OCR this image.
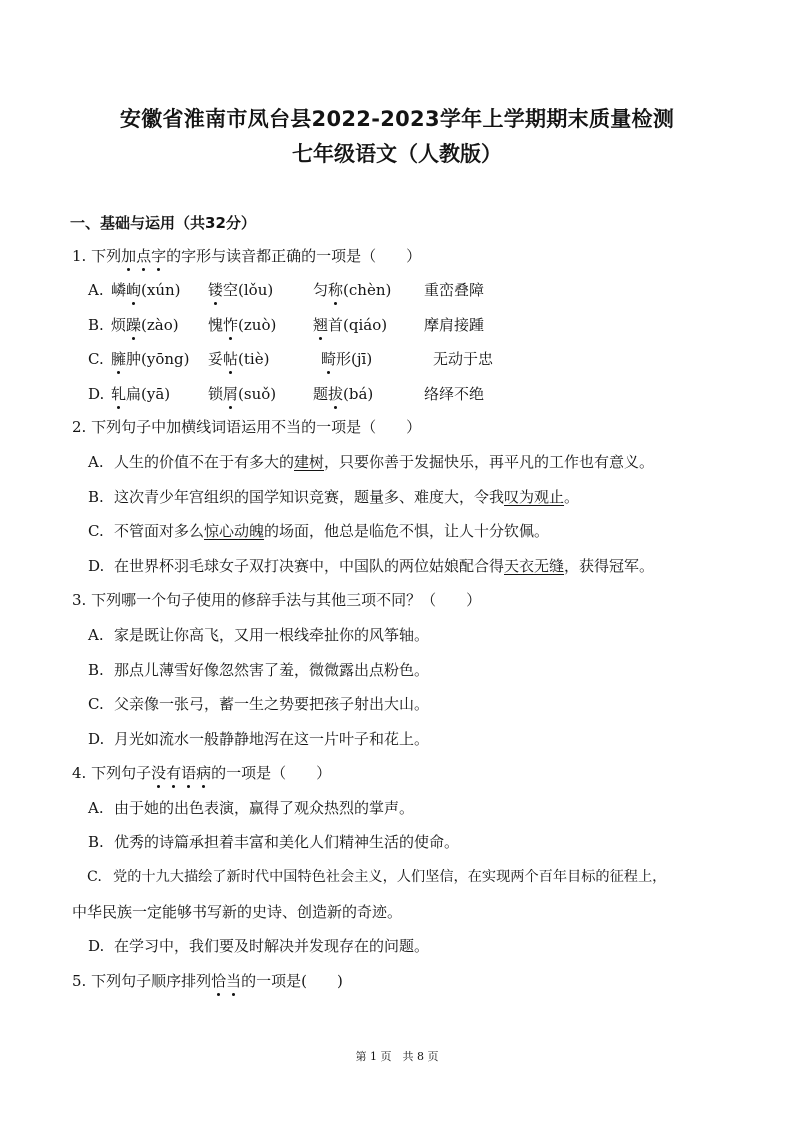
安徽省淮南市凤台县2022-2023学年上学期期末质量检测
七年级语文（人教版）
一、基础与运用（共32分）
1. 下列加点字的字形与读音都正确的一项是（　　）
A. 嶙峋(xún) 镂空(lǒu)	匀称(chèn) 重峦叠障
B. 烦躁(zào) 愧怍(zuò) 翘首(qiáo) 摩肩接踵
C. 臃肿(yōng) 妥帖(tiè)	畸形(jī)	无动于忠
D. 轧扁(yā)	锁屑(suǒ) 题拔(bá)	络绎不绝
2. 下列句子中加横线词语运用不当的一项是（　　）
A. 人生的价值不在于有多大的建树，只要你善于发掘快乐，再平凡的工作也有意义。
B. 这次青少年宫组织的国学知识竞赛，题量多、难度大，令我叹为观止。
C. 不管面对多么惊心动魄的场面，他总是临危不惧，让人十分钦佩。
D. 在世界杯羽毛球女子双打决赛中，中国队的两位姑娘配合得天衣无缝，获得冠军。
3. 下列哪一个句子使用的修辞手法与其他三项不同？（　　）
A. 家是既让你高飞，又用一根线牵扯你的风筝轴。
B. 那点儿薄雪好像忽然害了羞，微微露出点粉色。
C. 父亲像一张弓，蓄一生之势要把孩子射出大山。
D. 月光如流水一般静静地泻在这一片叶子和花上。
4. 下列句子没有语病的一项是（　　）
A. 由于她的出色表演，赢得了观众热烈的掌声。
B. 优秀的诗篇承担着丰富和美化人们精神生活的使命。
C. 党的十九大描绘了新时代中国特色社会主义，人们坚信，在实现两个百年目标的征程上，
中华民族一定能够书写新的史诗、创造新的奇迹。
D. 在学习中，我们要及时解决并发现存在的问题。
5. 下列句子顺序排列恰当的一项是(　　)
第 1 页　共 8 页
